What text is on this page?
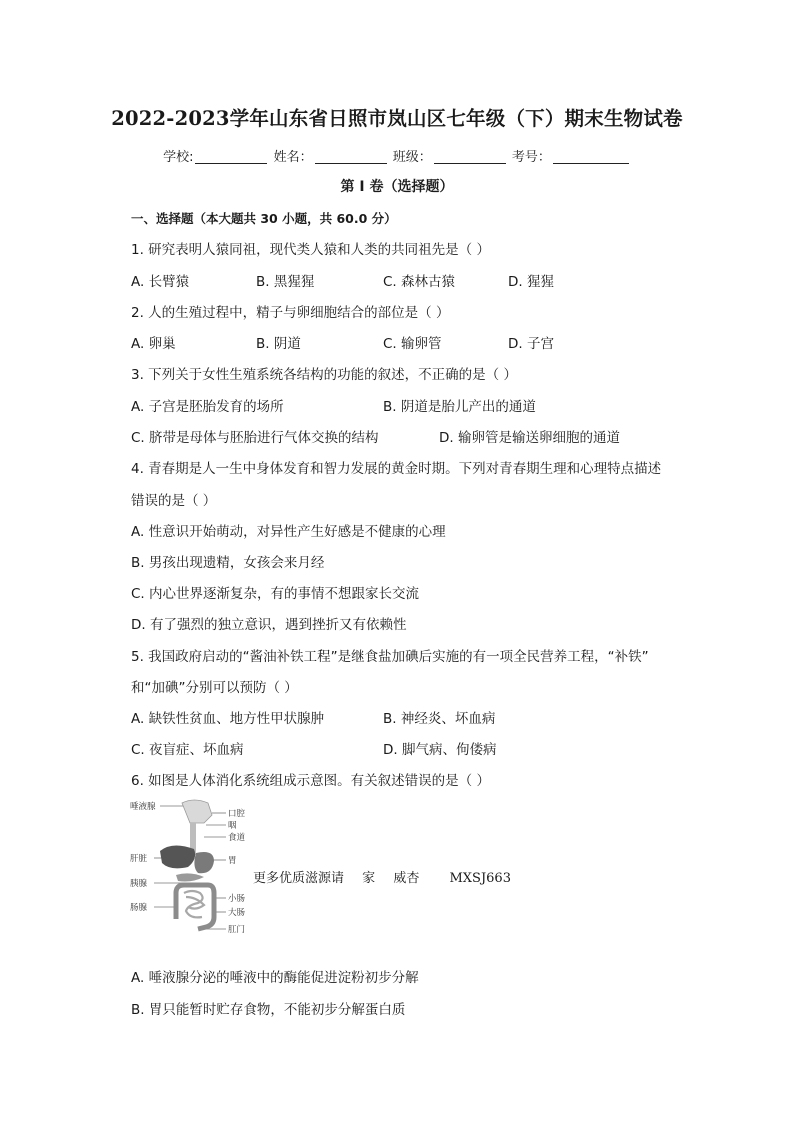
2022-2023学年山东省日照市岚山区七年级（下）期末生物试卷
学校:	姓名：	班级：	考号：
第 I 卷（选择题）
一、选择题（本大题共 30 小题，共 60.0 分）
1. 研究表明人猿同祖，现代类人猿和人类的共同祖先是（ ）
A. 长臂猿	B. 黑猩猩	C. 森林古猿	D. 猩猩
2. 人的生殖过程中，精子与卵细胞结合的部位是（ ）
A. 卵巢	B. 阴道	C. 输卵管	D. 子宫
3. 下列关于女性生殖系统各结构的功能的叙述，不正确的是（ ）
A. 子宫是胚胎发育的场所	B. 阴道是胎儿产出的通道
C. 脐带是母体与胚胎进行气体交换的结构	D. 输卵管是输送卵细胞的通道
4. 青春期是人一生中身体发育和智力发展的黄金时期。下列对青春期生理和心理特点描述
错误的是（ ）
A. 性意识开始萌动，对异性产生好感是不健康的心理
B. 男孩出现遗精，女孩会来月经
C. 内心世界逐渐复杂，有的事情不想跟家长交流
D. 有了强烈的独立意识，遇到挫折又有依赖性
5. 我国政府启动的“酱油补铁工程”是继食盐加碘后实施的有一项全民营养工程，“补铁”
和“加碘”分别可以预防（ ）
A. 缺铁性贫血、地方性甲状腺肿	B. 神经炎、坏血病
C. 夜盲症、坏血病	D. 脚气病、佝偻病
6. 如图是人体消化系统组成示意图。有关叙述错误的是（ ）
唾液腺
口腔
咽
食道
肝脏	胃
胰腺
肠腺
小肠
大肠
肛门
更多优质滋源请 家 威杏 MXSJ663
A. 唾液腺分泌的唾液中的酶能促进淀粉初步分解
B. 胃只能暂时贮存食物，不能初步分解蛋白质
